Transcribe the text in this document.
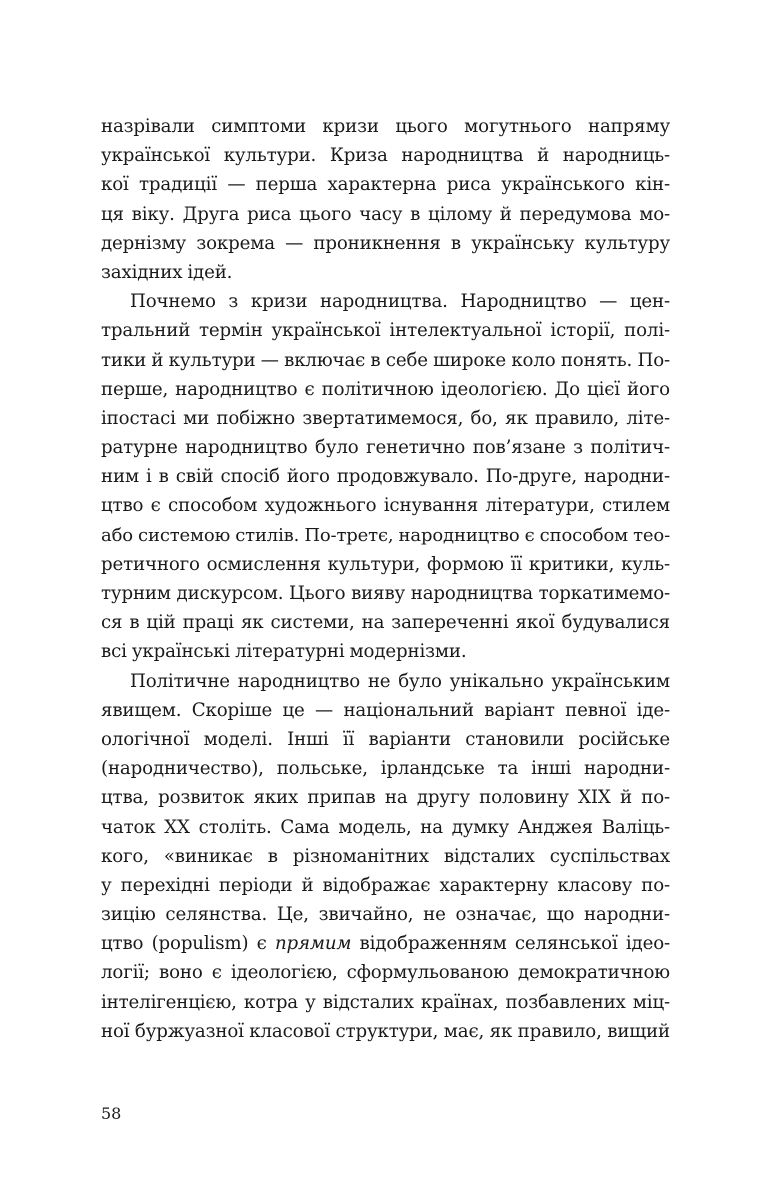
назрівали симптоми кризи цього могутнього напряму
української культури. Криза народництва й народниць-
кої традиції — перша характерна риса українського кін-
ця віку. Друга риса цього часу в цілому й передумова мо-
дернізму зокрема — проникнення в українську культуру
західних ідей.
Почнемо з кризи народництва. Народництво — цен-
тральний термін української інтелектуальної історії, полі-
тики й культури — включає в себе широке коло понять. По-
перше, народництво є політичною ідеологією. До цієї його
іпостасі ми побіжно звертатимемося, бо, як правило, літе-
ратурне народництво було генетично пов’язане з політич-
ним і в свій спосіб його продовжувало. По-друге, народни-
цтво є способом художнього існування літератури, стилем
або системою стилів. По-третє, народництво є способом тео-
ретичного осмислення культури, формою її критики, куль-
турним дискурсом. Цього вияву народництва торкатимемо-
ся в цій праці як системи, на запереченні якої будувалися
всі українські літературні модернізми.
Політичне народництво не було унікально українським
явищем. Скоріше це — національний варіант певної іде-
ологічної моделі. Інші її варіанти становили російське
(народничество), польське, ірландське та інші народни-
цтва, розвиток яких припав на другу половину XIX й по-
чаток XX століть. Сама модель, на думку Анджея Валіць-
кого, «виникає в різноманітних відсталих суспільствах
у перехідні періоди й відображає характерну класову по-
зицію селянства. Це, звичайно, не означає, що народни-
цтво (populism) є прямим відображенням селянської ідео-
логії; воно є ідеологією, сформульованою демократичною
інтелігенцією, котра у відсталих країнах, позбавлених міц-
ної буржуазної класової структури, має, як правило, вищий
58
